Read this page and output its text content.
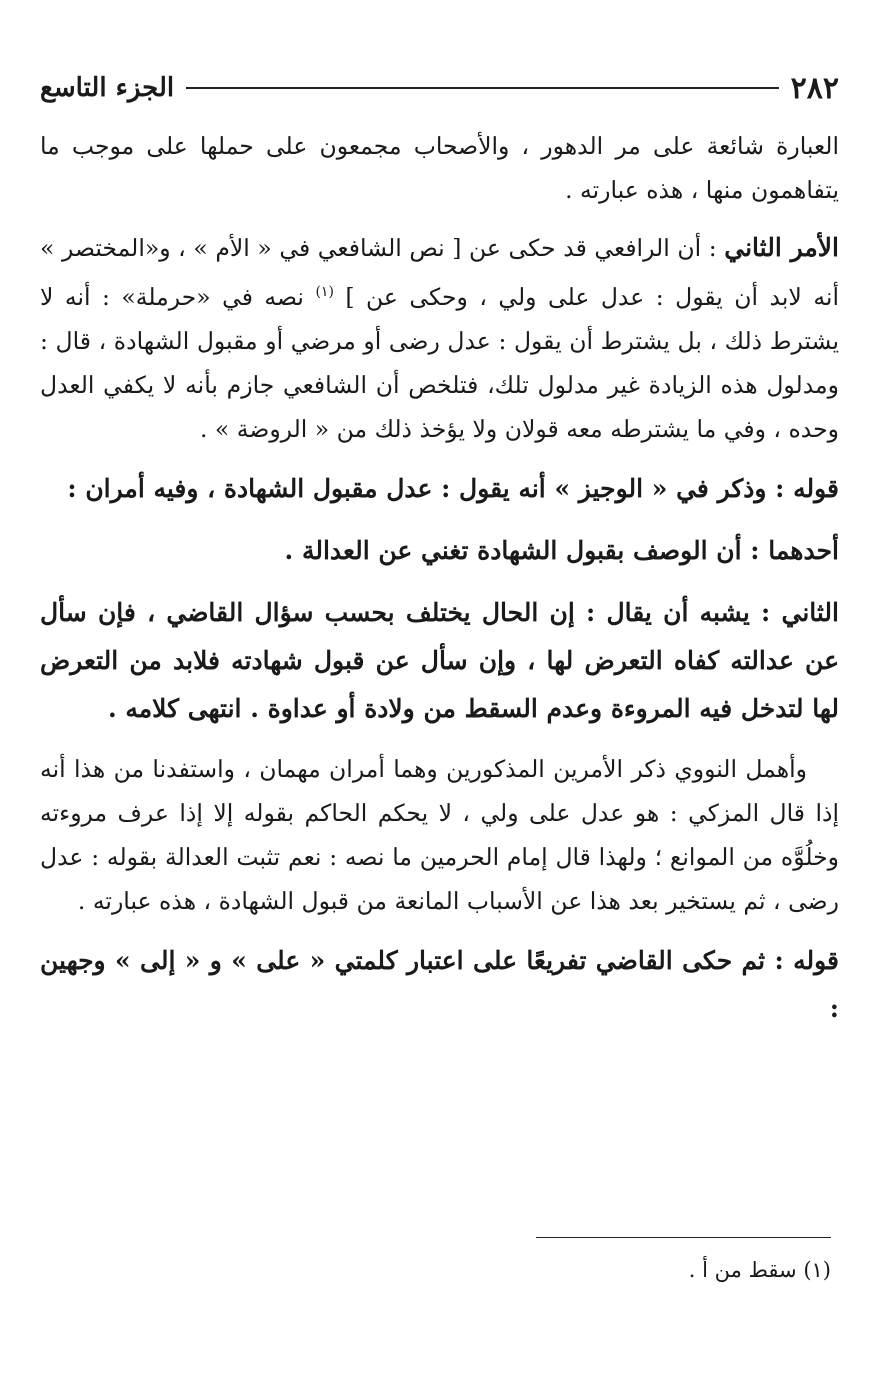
٢٨٢
الجزء التاسع

العبارة شائعة على مر الدهور ، والأصحاب مجمعون على حملها على موجب ما يتفاهمون منها ، هذه عبارته .

الأمر الثاني : أن الرافعي قد حكى عن [ نص الشافعي في « الأم » ، و«المختصر » أنه لابد أن يقول : عدل على ولي ، وحكى عن ] $^{(١)}$ نصه في «حرملة» : أنه لا يشترط ذلك ، بل يشترط أن يقول : عدل رضى أو مرضي أو مقبول الشهادة ، قال : ومدلول هذه الزيادة غير مدلول تلك، فتلخص أن الشافعي جازم بأنه لا يكفي العدل وحده ، وفي ما يشترطه معه قولان ولا يؤخذ ذلك من « الروضة » .

قوله : وذكر في « الوجيز » أنه يقول : عدل مقبول الشهادة ، وفيه أمران :

أحدهما : أن الوصف بقبول الشهادة تغني عن العدالة .

الثاني : يشبه أن يقال : إن الحال يختلف بحسب سؤال القاضي ، فإن سأل عن عدالته كفاه التعرض لها ، وإن سأل عن قبول شهادته فلابد من التعرض لها لتدخل فيه المروءة وعدم السقط من ولادة أو عداوة . انتهى كلامه .

وأهمل النووي ذكر الأمرين المذكورين وهما أمران مهمان ، واستفدنا من هذا أنه إذا قال المزكي : هو عدل على ولي ، لا يحكم الحاكم بقوله إلا إذا عرف مروءته وخلُوَّه من الموانع ؛ ولهذا قال إمام الحرمين ما نصه : نعم تثبت العدالة بقوله : عدل رضى ، ثم يستخير بعد هذا عن الأسباب المانعة من قبول الشهادة ، هذه عبارته .

قوله : ثم حكى القاضي تفريعًا على اعتبار كلمتي « على » و « إلى » وجهين :

(١) سقط من أ .
